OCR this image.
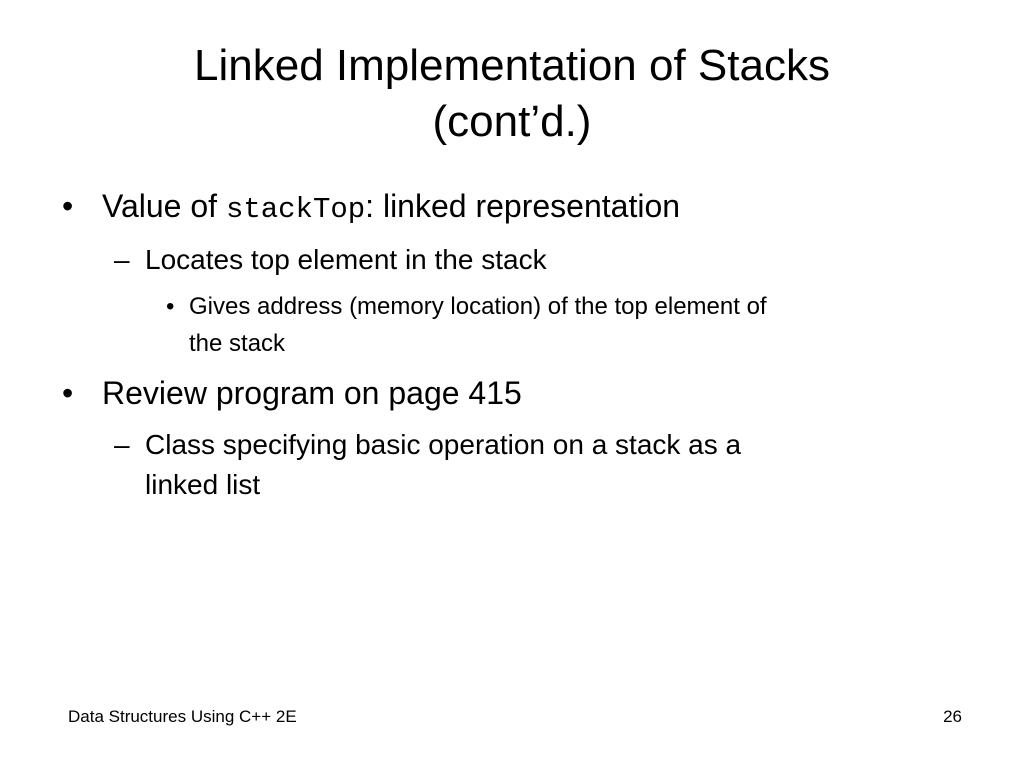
Linked Implementation of Stacks
(cont’d.)
• Value of stackTop: linked representation

– Locates top element in the stack

• Gives address (memory location) of the top element of

the stack

• Review program on page 415

– Class specifying basic operation on a stack as a

linked list

Data Structures Using C++ 2E	26
